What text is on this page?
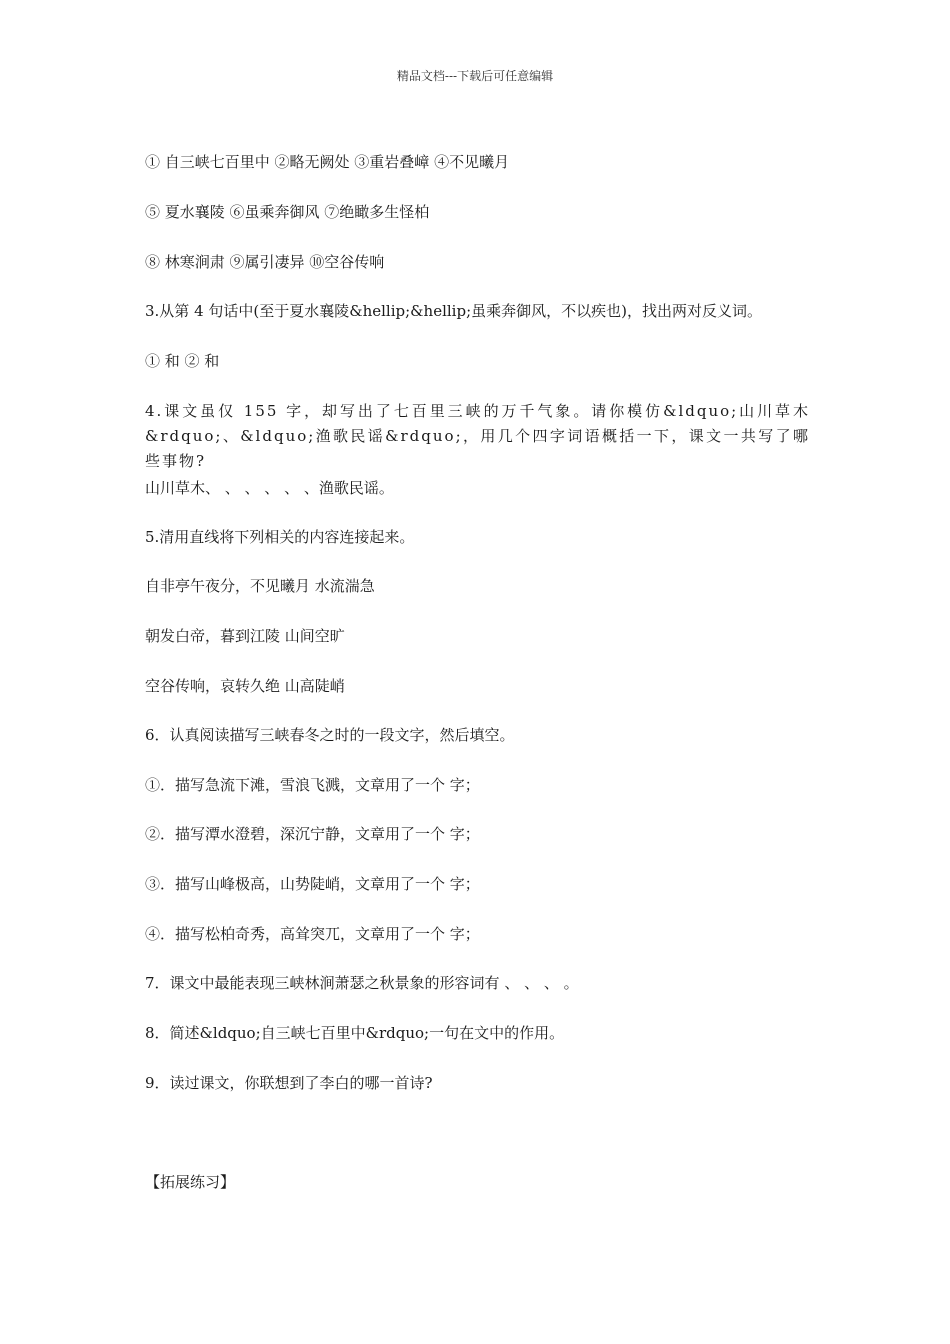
精品文档---下载后可任意编辑
① 自三峡七百里中 ②略无阙处 ③重岩叠嶂 ④不见曦月
⑤ 夏水襄陵 ⑥虽乘奔御风 ⑦绝瞰多生怪柏
⑧ 林寒涧肃 ⑨属引凄异 ⑩空谷传响
3.从第 4 句话中(至于夏水襄陵&hellip;&hellip;虽乘奔御风，不以疾也)，找出两对反义词。
① 和 ② 和
4.课文虽仅 155 字，却写出了七百里三峡的万千气象。请你模仿&ldquo;山川草木&rdquo;、&ldquo;渔歌民谣&rdquo;，用几个四字词语概括一下，课文一共写了哪些事物?
山川草木、 、 、 、 、 、渔歌民谣。
5.清用直线将下列相关的内容连接起来。
自非亭午夜分，不见曦月 水流湍急
朝发白帝，暮到江陵 山间空旷
空谷传响，哀转久绝 山高陡峭
6．认真阅读描写三峡春冬之时的一段文字，然后填空。
①．描写急流下滩，雪浪飞溅，文章用了一个 字；
②．描写潭水澄碧，深沉宁静，文章用了一个 字；
③．描写山峰极高，山势陡峭，文章用了一个 字；
④．描写松柏奇秀，高耸突兀，文章用了一个 字；
7．课文中最能表现三峡林涧萧瑟之秋景象的形容词有 、 、 、 。
8．简述&ldquo;自三峡七百里中&rdquo;一句在文中的作用。
9．读过课文，你联想到了李白的哪一首诗?
【拓展练习】
